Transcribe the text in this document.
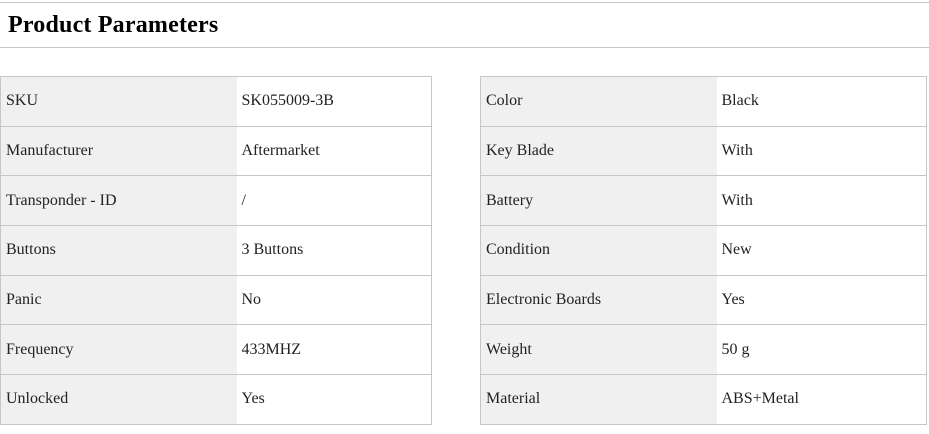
Product Parameters
SKU	SK055009-3B
Manufacturer	Aftermarket
Transponder - ID	/
Buttons	3 Buttons
Panic	No
Frequency	433MHZ
Unlocked	Yes
Color	Black
Key Blade	With
Battery	With
Condition	New
Electronic Boards	Yes
Weight	50 g
Material	ABS+Metal
